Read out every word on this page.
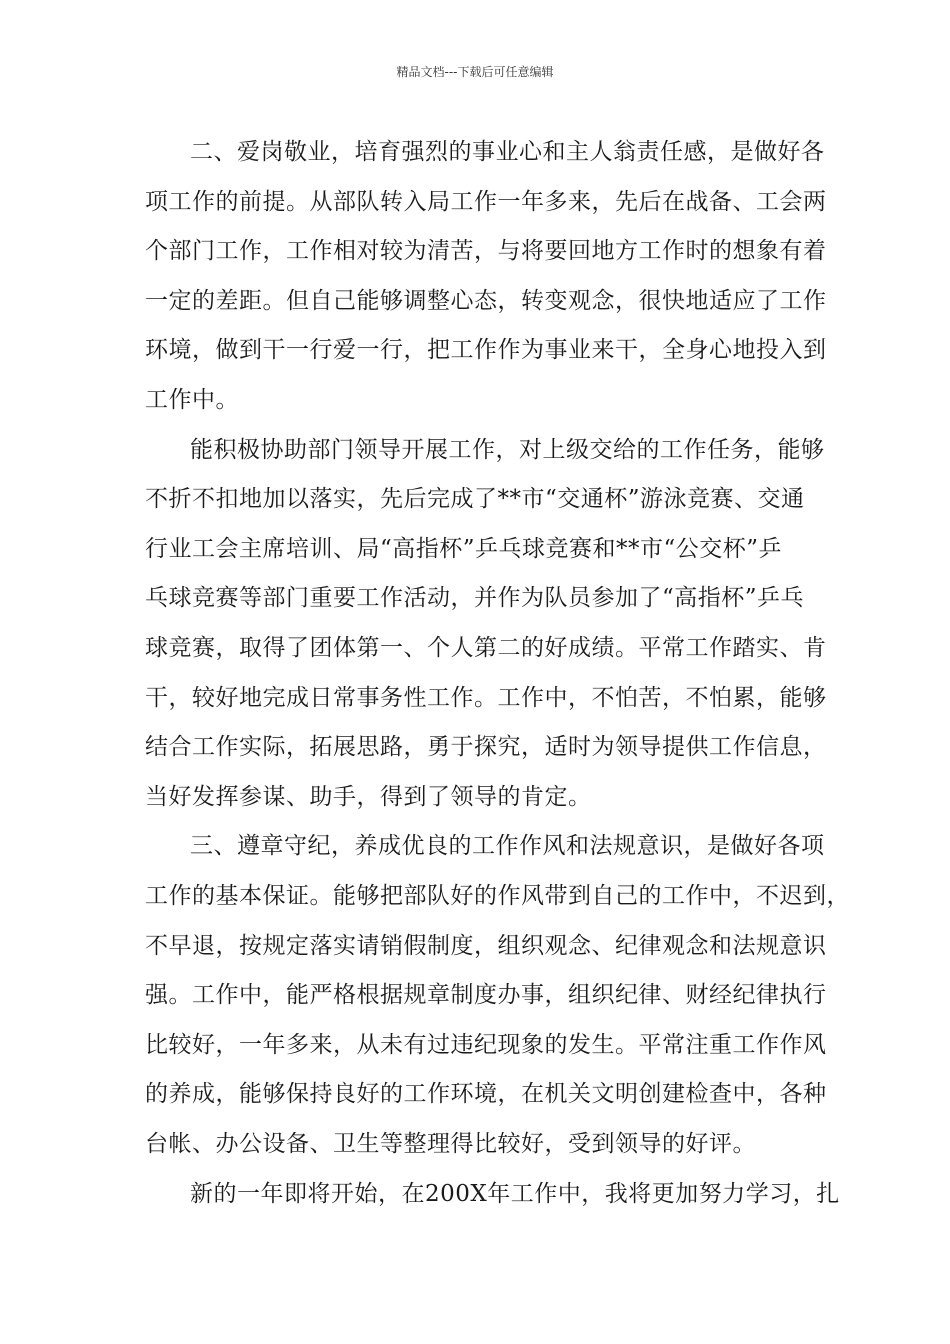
精品文档---下载后可任意编辑
二、爱岗敬业，培育强烈的事业心和主人翁责任感，是做好各
项工作的前提。从部队转入局工作一年多来，先后在战备、工会两
个部门工作，工作相对较为清苦，与将要回地方工作时的想象有着
一定的差距。但自己能够调整心态，转变观念，很快地适应了工作
环境，做到干一行爱一行，把工作作为事业来干，全身心地投入到
工作中。
能积极协助部门领导开展工作，对上级交给的工作任务，能够
不折不扣地加以落实，先后完成了**市“交通杯”游泳竞赛、交通
行业工会主席培训、局“高指杯”乒乓球竞赛和**市“公交杯”乒
乓球竞赛等部门重要工作活动，并作为队员参加了“高指杯”乒乓
球竞赛，取得了团体第一、个人第二的好成绩。平常工作踏实、肯
干，较好地完成日常事务性工作。工作中，不怕苦，不怕累，能够
结合工作实际，拓展思路，勇于探究，适时为领导提供工作信息，
当好发挥参谋、助手，得到了领导的肯定。
三、遵章守纪，养成优良的工作作风和法规意识，是做好各项
工作的基本保证。能够把部队好的作风带到自己的工作中，不迟到，
不早退，按规定落实请销假制度，组织观念、纪律观念和法规意识
强。工作中，能严格根据规章制度办事，组织纪律、财经纪律执行
比较好，一年多来，从未有过违纪现象的发生。平常注重工作作风
的养成，能够保持良好的工作环境，在机关文明创建检查中，各种
台帐、办公设备、卫生等整理得比较好，受到领导的好评。
新的一年即将开始，在200X年工作中，我将更加努力学习，扎
